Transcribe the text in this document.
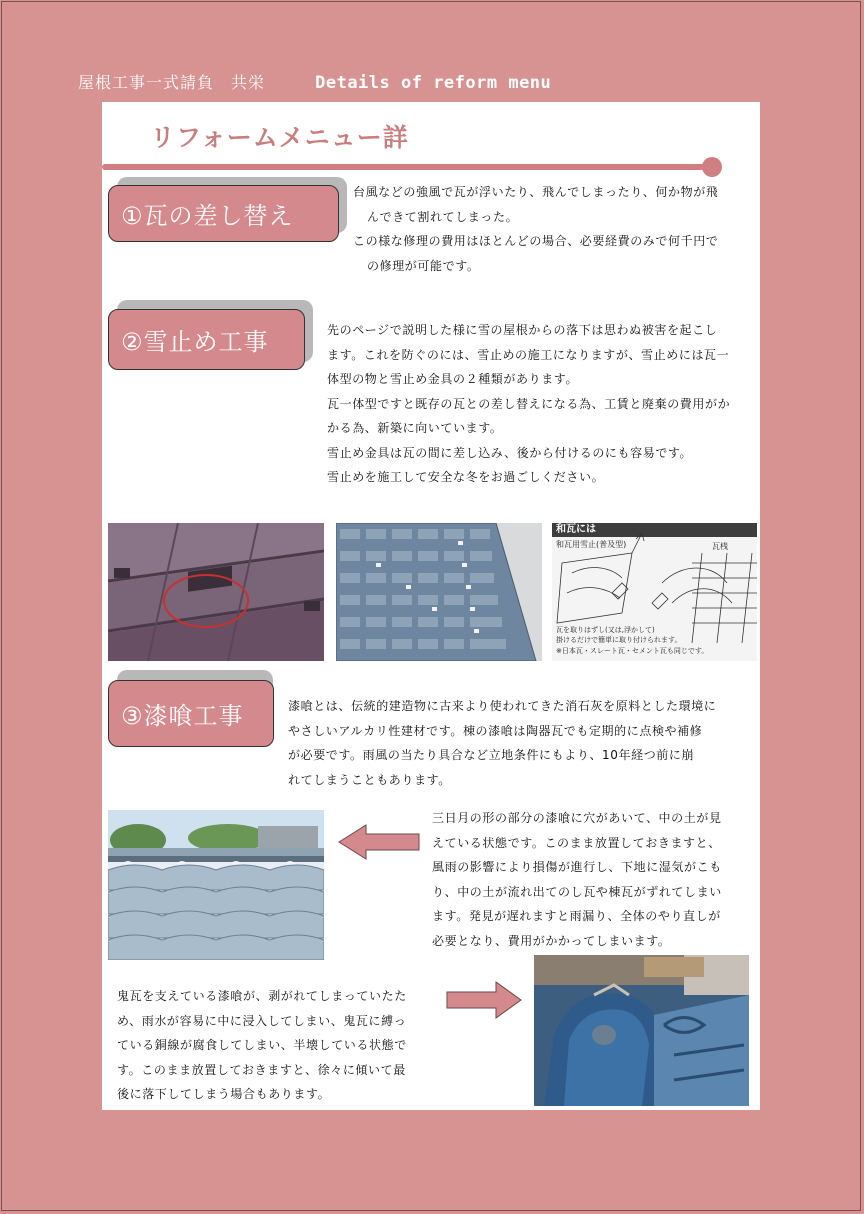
屋根工事一式請負　共栄	Details of reform menu
リフォームメニュー詳
①瓦の差し替え

台風などの強風で瓦が浮いたり、飛んでしまったり、何か物が飛

んできて割れてしまった。

この様な修理の費用はほとんどの場合、必要経費のみで何千円で

の修理が可能です。

②雪止め工事	先のページで説明した様に雪の屋根からの落下は思わぬ被害を起こし

ます。これを防ぐのには、雪止めの施工になりますが、雪止めには瓦一

体型の物と雪止め金具の２種類があります。

瓦一体型ですと既存の瓦との差し替えになる為、工賃と廃棄の費用がか

かる為、新築に向いています。

雪止め金具は瓦の間に差し込み、後から付けるのにも容易です。

雪止めを施工して安全な冬をお過ごしください。

和瓦には
和瓦用雪止(普及型)	瓦桟
瓦を取りはずし(又は,浮かして)
掛けるだけで簡単に取り付けられます。
※日本瓦・スレート瓦・セメント瓦も同じです。
③漆喰工事	漆喰とは、伝統的建造物に古来より使われてきた消石灰を原料とした環境に

やさしいアルカリ性建材です。棟の漆喰は陶器瓦でも定期的に点検や補修

が必要です。雨風の当たり具合など立地条件にもより、10年経つ前に崩

れてしまうこともあります。

三日月の形の部分の漆喰に穴があいて、中の土が見

えている状態です。このまま放置しておきますと、

風雨の影響により損傷が進行し、下地に湿気がこも

り、中の土が流れ出てのし瓦や棟瓦がずれてしまい

ます。発見が遅れますと雨漏り、全体のやり直しが

必要となり、費用がかかってしまいます。

鬼瓦を支えている漆喰が、剥がれてしまっていたた

め、雨水が容易に中に浸入してしまい、鬼瓦に縛っ

ている銅線が腐食してしまい、半壊している状態で

す。このまま放置しておきますと、徐々に傾いて最

後に落下してしまう場合もあります。
